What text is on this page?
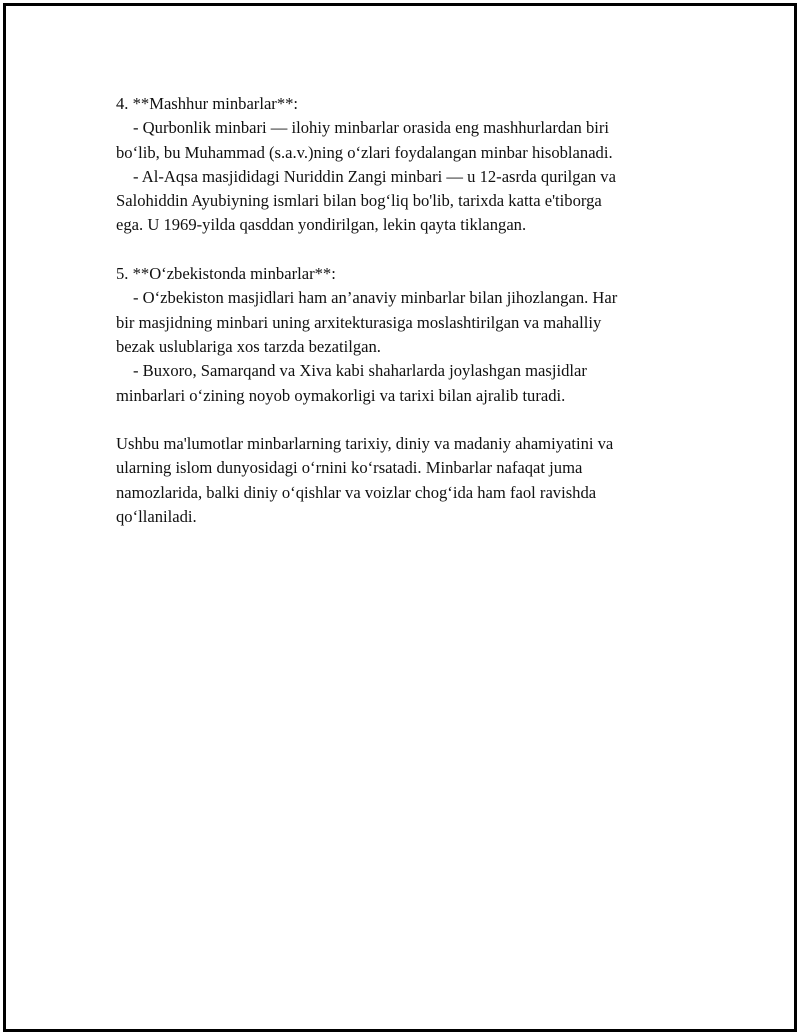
4. **Mashhur minbarlar**:
- Qurbonlik minbari — ilohiy minbarlar orasida eng mashhurlardan biri
bo‘lib, bu Muhammad (s.a.v.)ning o‘zlari foydalangan minbar hisoblanadi.
- Al-Aqsa masjididagi Nuriddin Zangi minbari — u 12-asrda qurilgan va
Salohiddin Ayubiyning ismlari bilan bog‘liq bo'lib, tarixda katta e'tiborga
ega. U 1969-yilda qasddan yondirilgan, lekin qayta tiklangan.
5. **O‘zbekistonda minbarlar**:
- O‘zbekiston masjidlari ham an’anaviy minbarlar bilan jihozlangan. Har
bir masjidning minbari uning arxitekturasiga moslashtirilgan va mahalliy
bezak uslublariga xos tarzda bezatilgan.
- Buxoro, Samarqand va Xiva kabi shaharlarda joylashgan masjidlar
minbarlari o‘zining noyob oymakorligi va tarixi bilan ajralib turadi.
Ushbu ma'lumotlar minbarlarning tarixiy, diniy va madaniy ahamiyatini va
ularning islom dunyosidagi o‘rnini ko‘rsatadi. Minbarlar nafaqat juma
namozlarida, balki diniy o‘qishlar va voizlar chog‘ida ham faol ravishda
qo‘llaniladi.
